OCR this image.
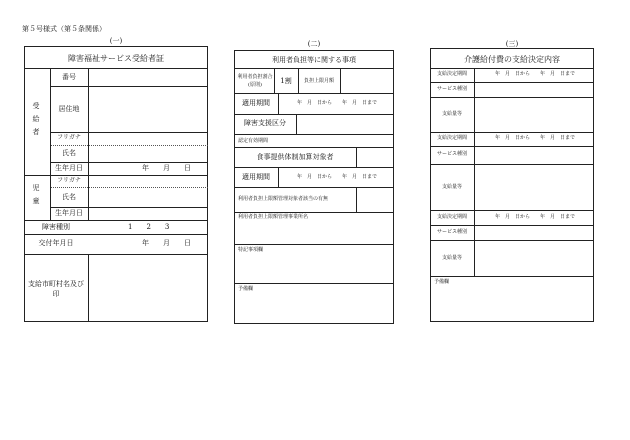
第５号様式（第５条関係）
(一)
障害福祉サービス受給者証
受給者
児童
番号
居住地
フリガナ
氏名
生年月日	年　　月　　日
フリガナ
氏名
生年月日
障害種別	1　　2　　3
交付年月日	年　　月　　日
支給市町村名及び印
(二)
利用者負担等に関する事項
利用者負担割合(原則)	1割	負担上限月額
適用期間	年　月　日から　　年　月　日まで
障害支援区分
認定有効期間
食事提供体制加算対象者
適用期間	年　月　日から　　年　月　日まで
利用者負担上限額管理対象者該当の有無
利用者負担上限額管理事業所名
特記事項欄
予備欄
(三)
介護給付費の支給決定内容
支給決定期間	年　月　日から　　年　月　日まで
サービス種別
支給量等
支給決定期間	年　月　日から　　年　月　日まで
サービス種別
支給量等
支給決定期間	年　月　日から　　年　月　日まで
サービス種別
支給量等
予備欄
